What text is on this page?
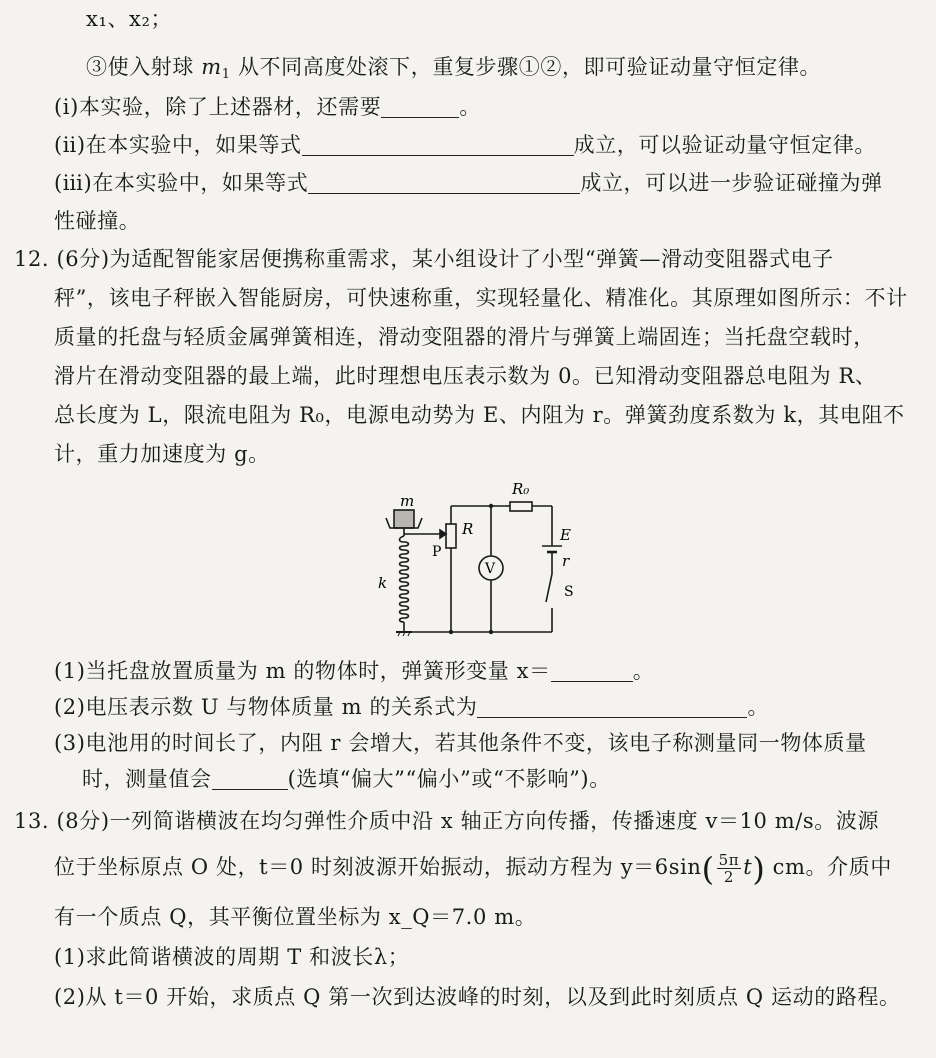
x₁、x₂；
③使入射球 $m_1$ 从不同高度处滚下，重复步骤①②，即可验证动量守恒定律。
(ⅰ)本实验，除了上述器材，还需要	。
(ⅱ)在本实验中，如果等式	成立，可以验证动量守恒定律。
(ⅲ)在本实验中，如果等式	成立，可以进一步验证碰撞为弹
性碰撞。
12. (6分)为适配智能家居便携称重需求，某小组设计了小型“弹簧—滑动变阻器式电子
秤”，该电子秤嵌入智能厨房，可快速称重，实现轻量化、精准化。其原理如图所示：不计
质量的托盘与轻质金属弹簧相连，滑动变阻器的滑片与弹簧上端固连；当托盘空载时，
滑片在滑动变阻器的最上端，此时理想电压表示数为 0。已知滑动变阻器总电阻为 R、
总长度为 L，限流电阻为 R₀，电源电动势为 E、内阻为 r。弹簧劲度系数为 k，其电阻不
计，重力加速度为 g。
m
R₀
R
P
V
E
r
S
k
(1)当托盘放置质量为 m 的物体时，弹簧形变量 x＝	。
(2)电压表示数 U 与物体质量 m 的关系式为	。
(3)电池用的时间长了，内阻 r 会增大，若其他条件不变，该电子称测量同一物体质量
时，测量值会	(选填“偏大”“偏小”或“不影响”)。
13. (8分)一列简谐横波在均匀弹性介质中沿 x 轴正方向传播，传播速度 v＝10 m/s。波源
位于坐标原点 O 处，t＝0 时刻波源开始振动，振动方程为 $y=6\sin( \frac{5\pi}{2} t)$ cm。介质中
有一个质点 Q，其平衡位置坐标为 x_Q＝7.0 m。
(1)求此简谐横波的周期 T 和波长λ；
(2)从 t＝0 开始，求质点 Q 第一次到达波峰的时刻，以及到此时刻质点 Q 运动的路程。
